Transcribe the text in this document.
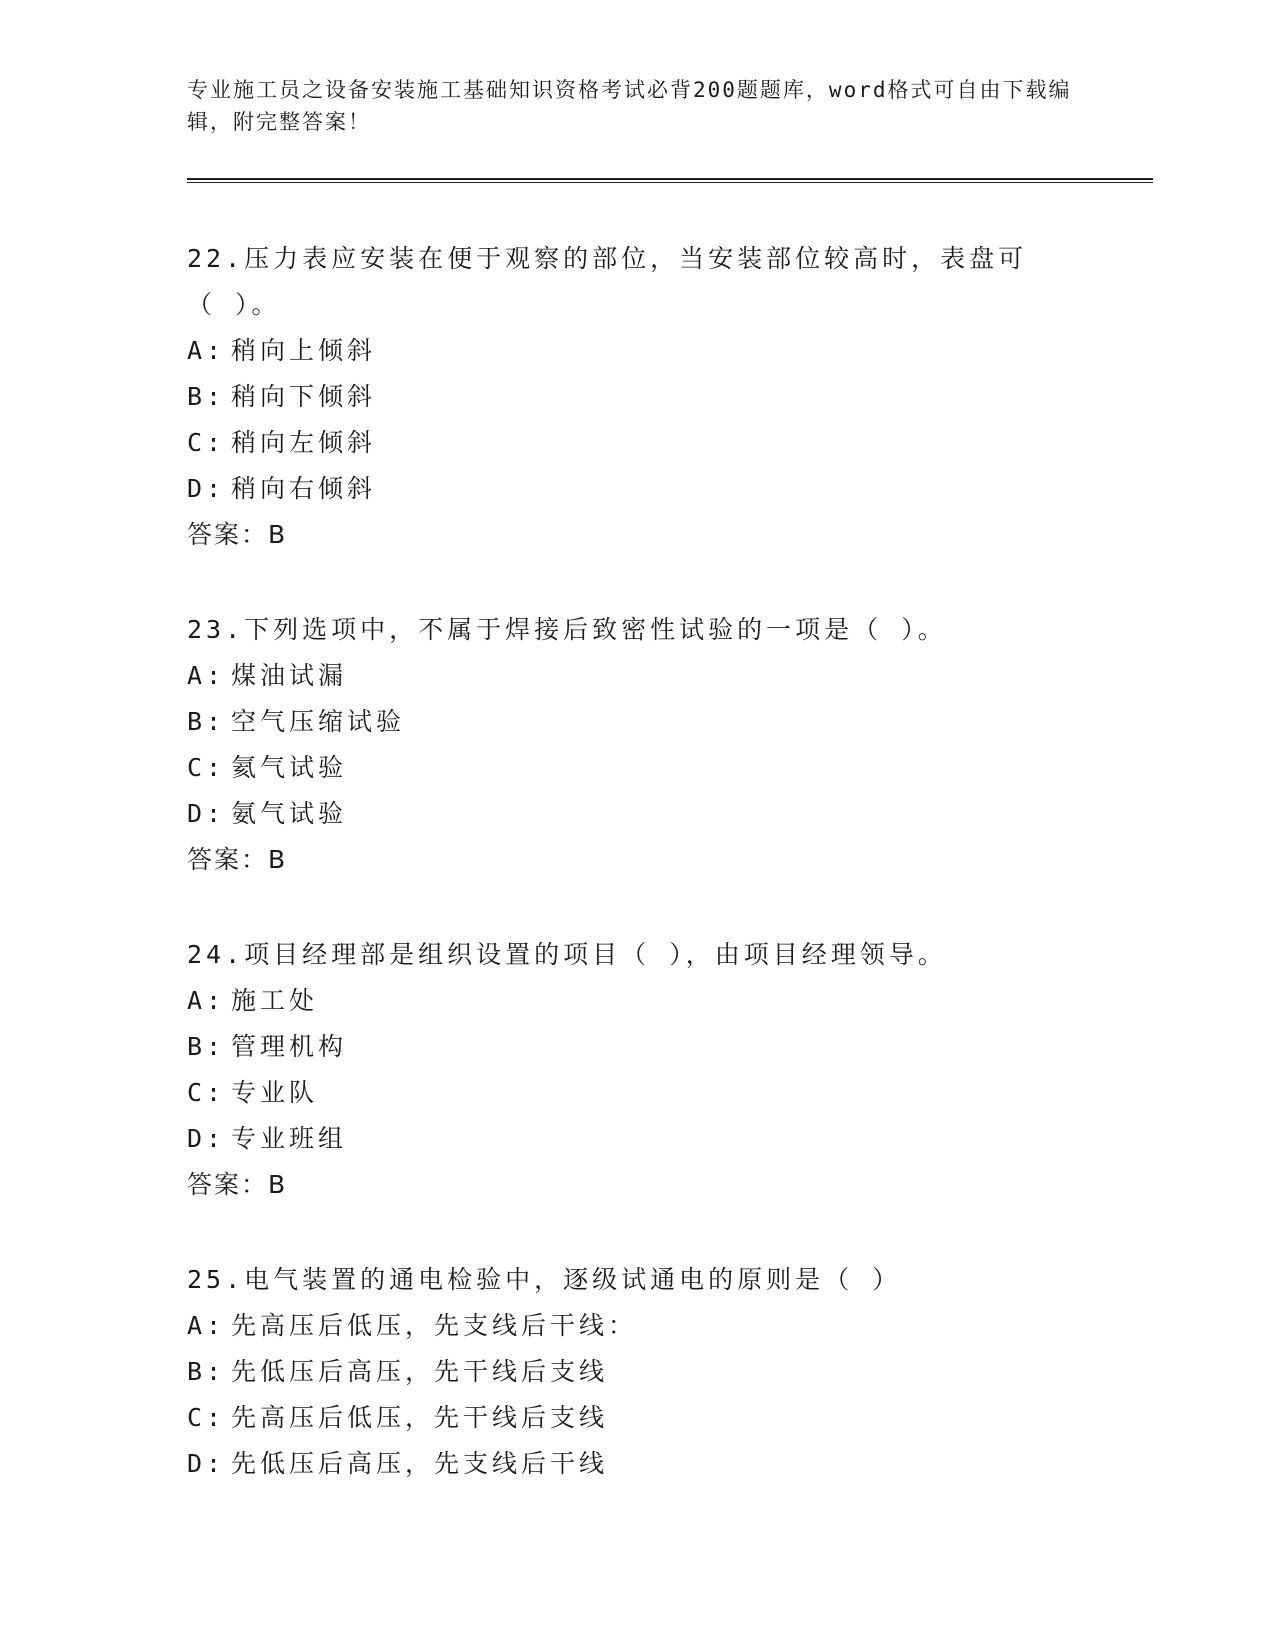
专业施工员之设备安装施工基础知识资格考试必背200题题库，word格式可自由下载编辑，附完整答案！
22.压力表应安装在便于观察的部位，当安装部位较高时，表盘可（ ）。
A: 稍向上倾斜
B: 稍向下倾斜
C: 稍向左倾斜
D: 稍向右倾斜
答案：B
23.下列选项中，不属于焊接后致密性试验的一项是（ ）。
A: 煤油试漏
B: 空气压缩试验
C: 氦气试验
D: 氨气试验
答案：B
24.项目经理部是组织设置的项目（ ），由项目经理领导。
A: 施工处
B: 管理机构
C: 专业队
D: 专业班组
答案：B
25.电气装置的通电检验中，逐级试通电的原则是（ ）
A: 先高压后低压，先支线后干线：
B: 先低压后高压，先干线后支线
C: 先高压后低压，先干线后支线
D: 先低压后高压，先支线后干线
